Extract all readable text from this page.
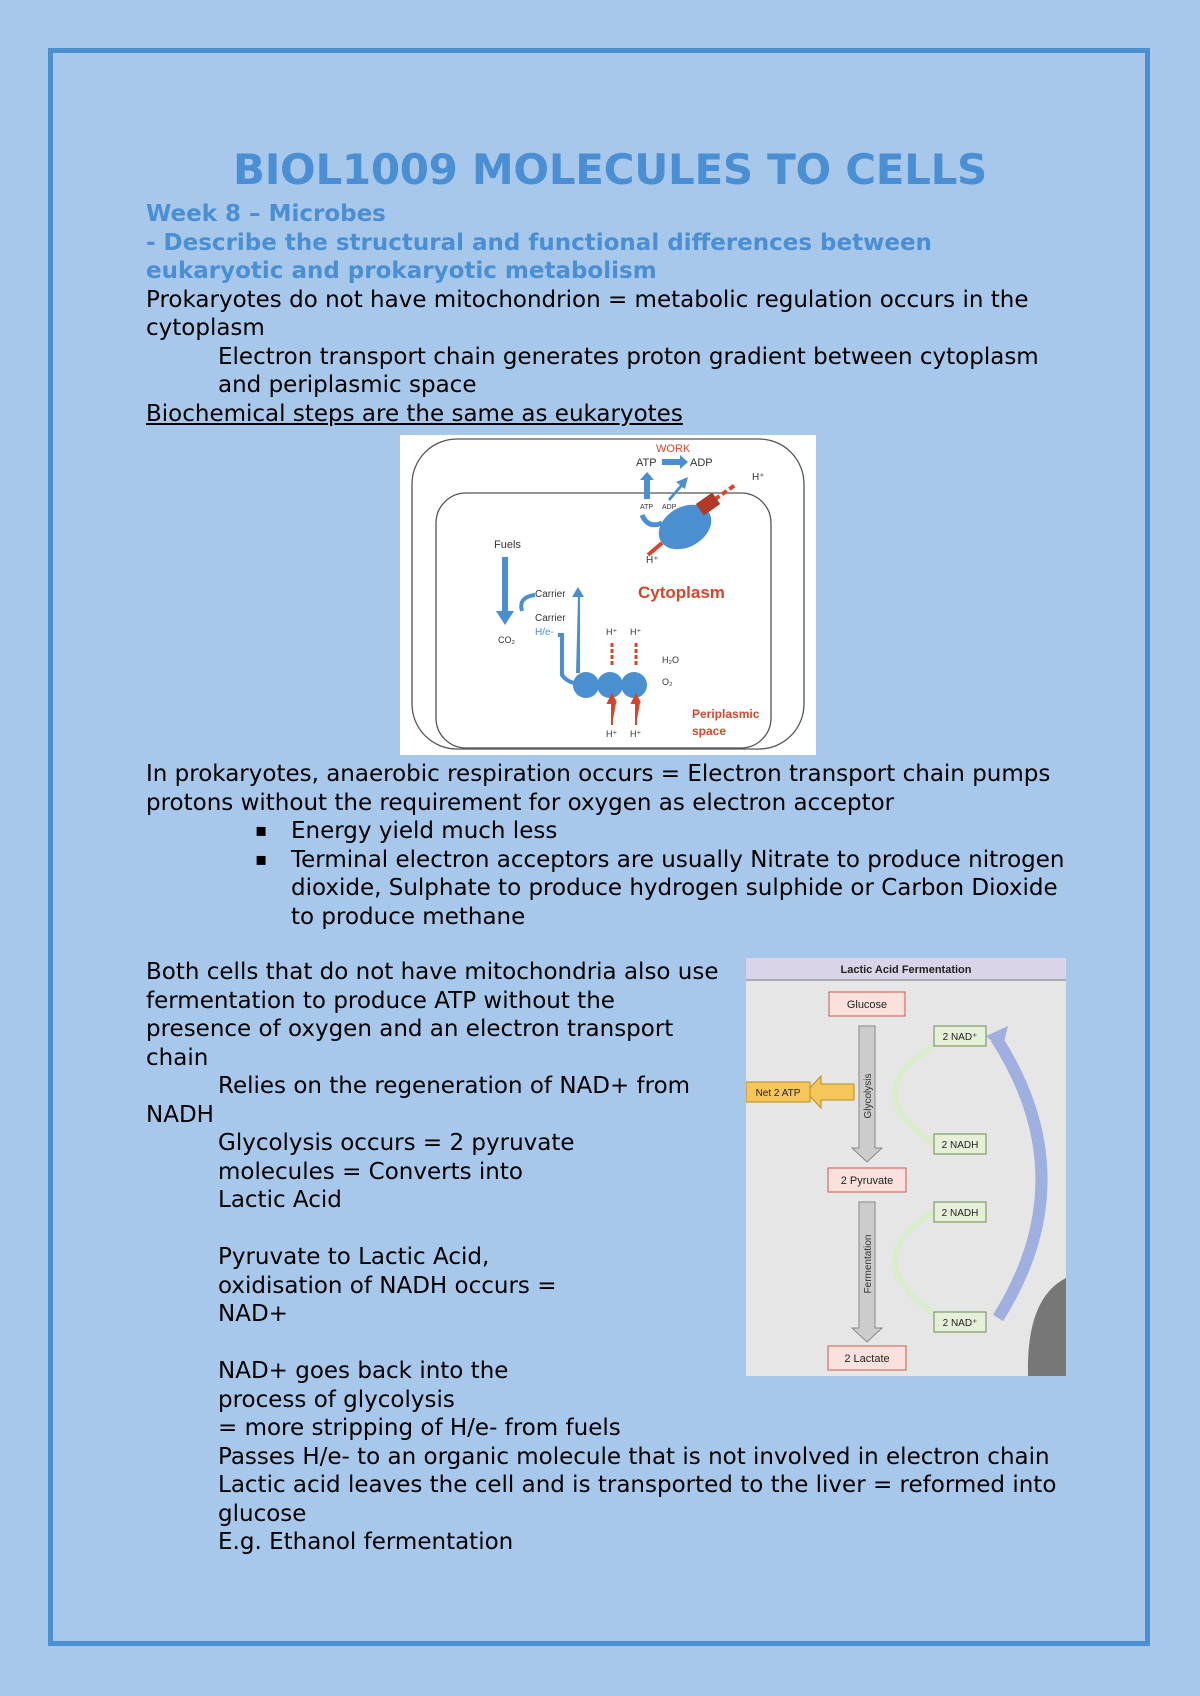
BIOL1009 MOLECULES TO CELLS

Week 8 – Microbes

- Describe the structural and functional differences between eukaryotic and prokaryotic metabolism

Prokaryotes do not have mitochondrion = metabolic regulation occurs in the cytoplasm

Electron transport chain generates proton gradient between cytoplasm and periplasmic space

Biochemical steps are the same as eukaryotes

WORK
ATP	ADP
ATP ADP
H⁺
H⁺
Fuels
CO₂
Carrier
Carrier
H/e-
Cytoplasm
H⁺ H⁺
H₂O
O₂
H⁺ H⁺
Periplasmic
space

In prokaryotes, anaerobic respiration occurs = Electron transport chain pumps protons without the requirement for oxygen as electron acceptor

▪ Energy yield much less
▪ Terminal electron acceptors are usually Nitrate to produce nitrogen dioxide, Sulphate to produce hydrogen sulphide or Carbon Dioxide to produce methane

Both cells that do not have mitochondria also use fermentation to produce ATP without the presence of oxygen and an electron transport chain

Relies on the regeneration of NAD+ from

NADH

Glycolysis occurs = 2 pyruvate molecules = Converts into Lactic Acid

Pyruvate to Lactic Acid, oxidisation of NADH occurs = NAD+

NAD+ goes back into the process of glycolysis

= more stripping of H/e- from fuels

Passes H/e- to an organic molecule that is not involved in electron chain

Lactic acid leaves the cell and is transported to the liver = reformed into glucose

E.g. Ethanol fermentation

Lactic Acid Fermentation
Glucose
Glycolysis
Net 2 ATP
2 NAD⁺
2 NADH
2 Pyruvate
2 NADH
Fermentation
2 NAD⁺
2 Lactate
